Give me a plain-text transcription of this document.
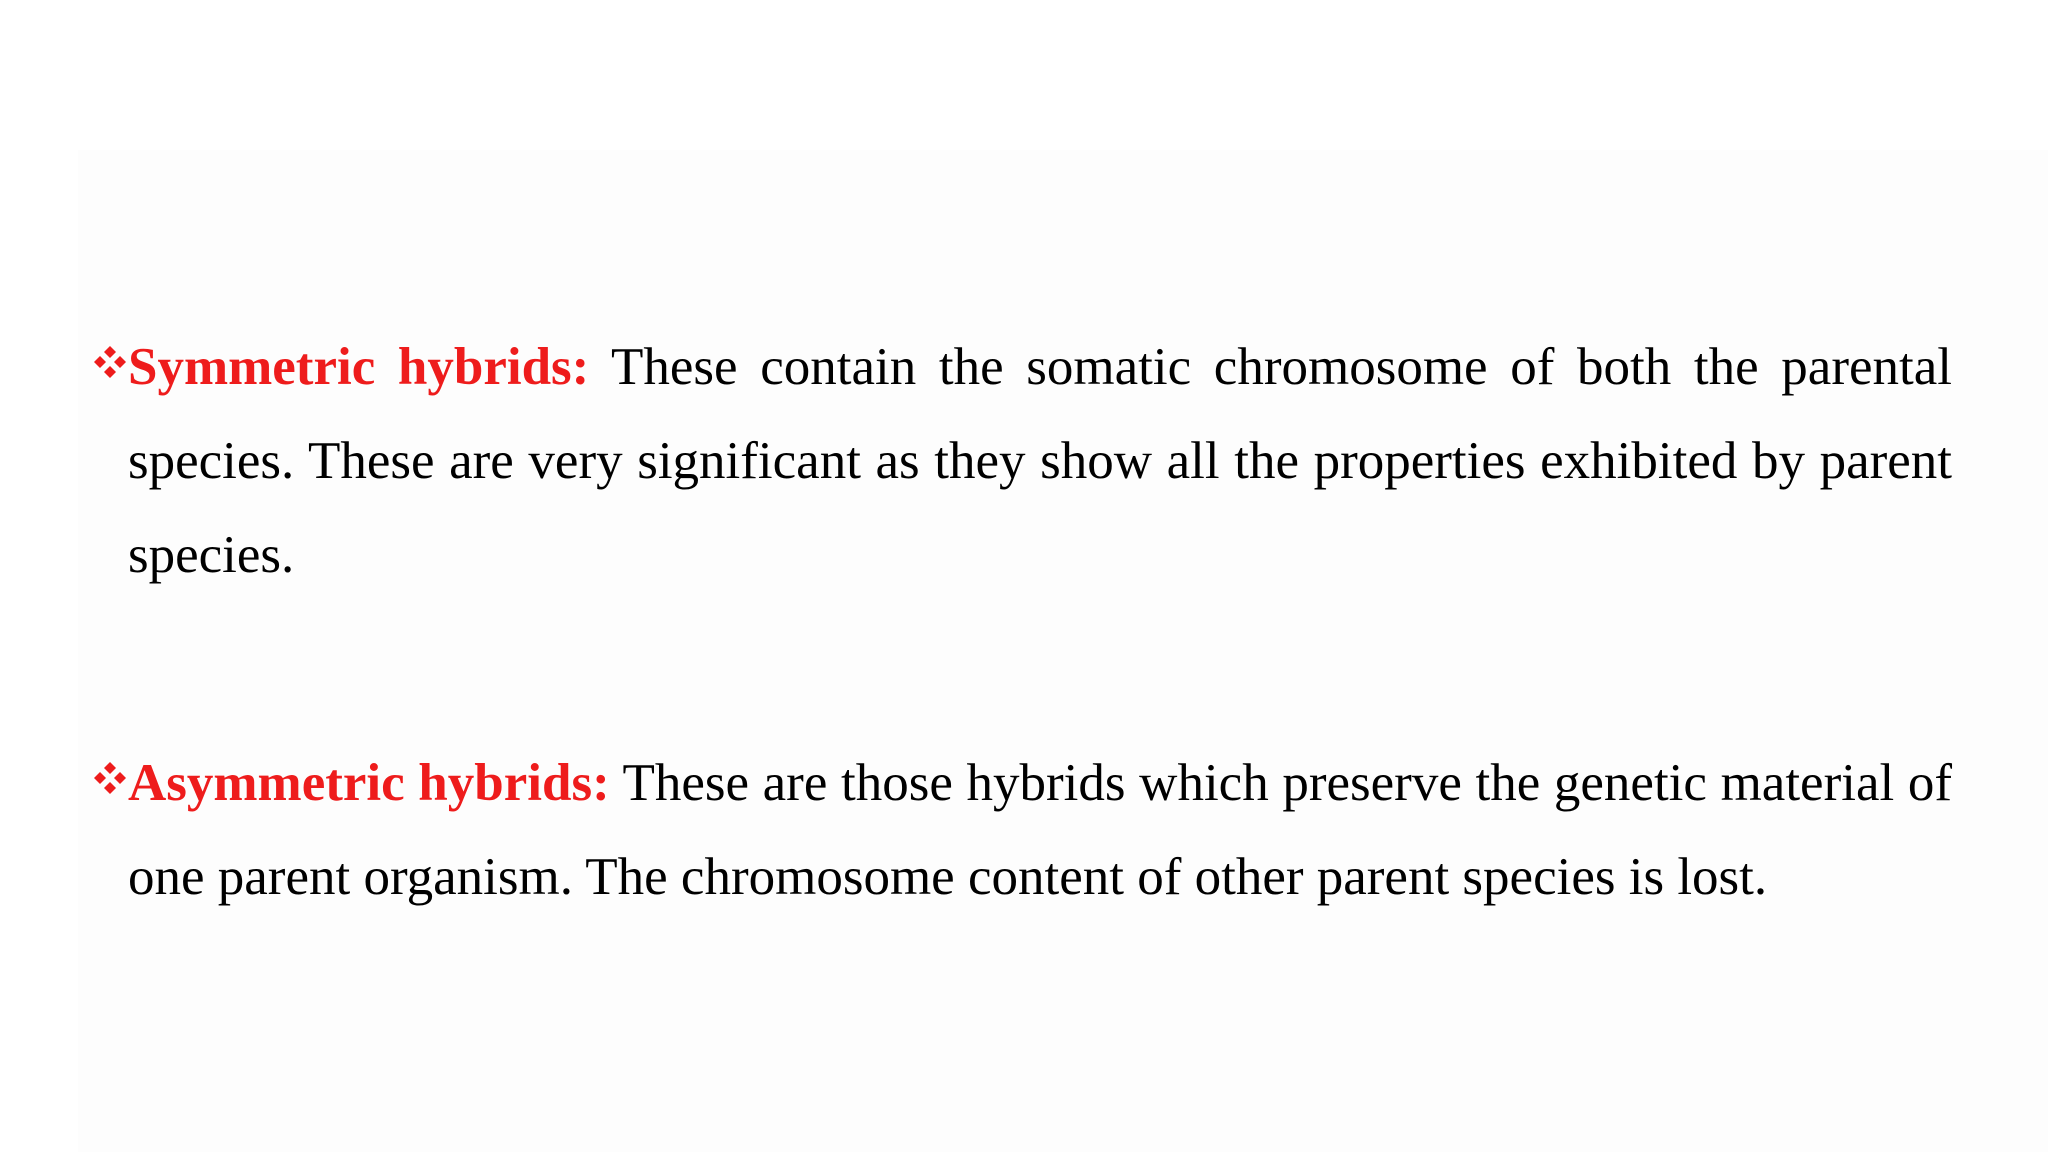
Symmetric hybrids: These contain the somatic chromosome of both the parental species. These are very significant as they show all the properties exhibited by parent species.
Asymmetric hybrids: These are those hybrids which preserve the genetic material of one parent organism. The chromosome content of other parent species is lost.
